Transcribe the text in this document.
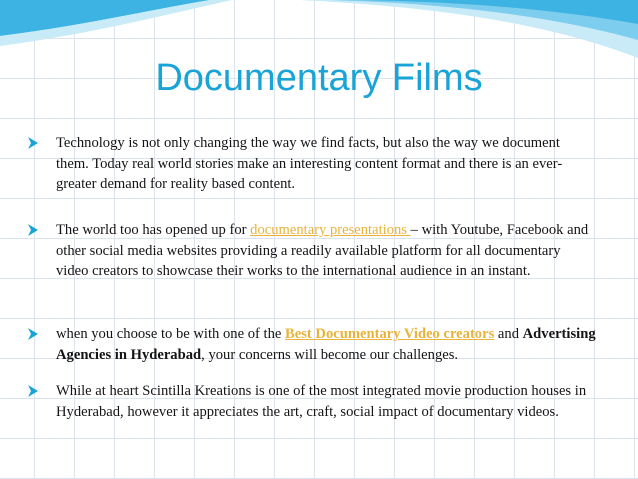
Documentary Films
Technology is not only changing the way we find facts, but also the way we document them. Today real world stories make an interesting content format and there is an ever-greater demand for reality based content.
The world too has opened up for documentary presentations – with Youtube, Facebook and other social media websites providing a readily available platform for all documentary video creators to showcase their works to the international audience in an instant.
when you choose to be with one of the Best Documentary Video creators and Advertising Agencies in Hyderabad, your concerns will become our challenges.
While at heart Scintilla Kreations is one of the most integrated movie production houses in Hyderabad, however it appreciates the art, craft, social impact of documentary videos.
